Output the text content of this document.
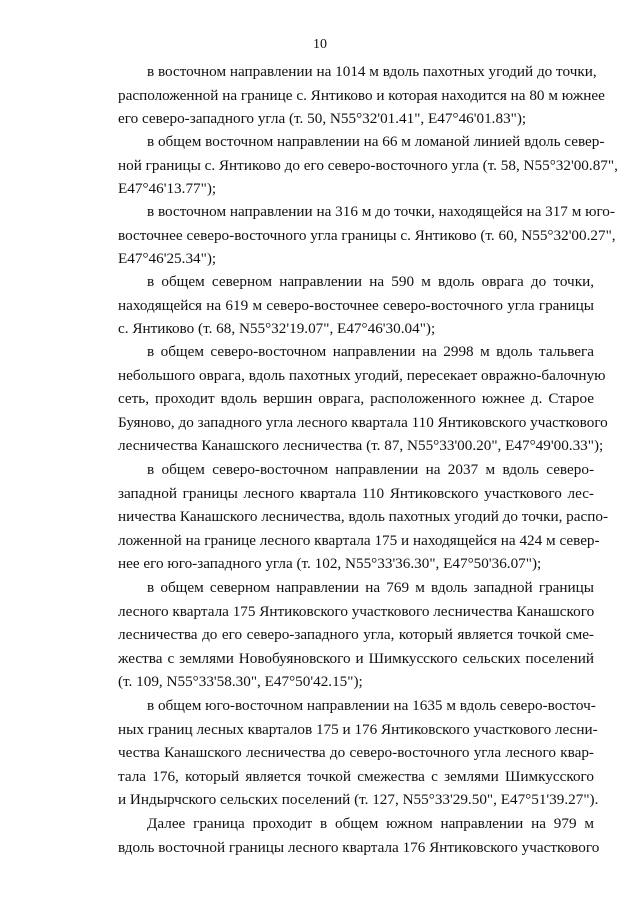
10
в восточном направлении на 1014 м вдоль пахотных угодий до точки,
расположенной на границе с. Янтиково и которая находится на 80 м южнее
его северо-западного угла (т. 50, N55°32'01.41", E47°46'01.83");
в общем восточном направлении на 66 м ломаной линией вдоль север-
ной границы с. Янтиково до его северо-восточного угла (т. 58, N55°32'00.87",
E47°46'13.77");
в восточном направлении на 316 м до точки, находящейся на 317 м юго-
восточнее северо-восточного угла границы с. Янтиково (т. 60, N55°32'00.27",
E47°46'25.34");
в общем северном направлении на 590 м вдоль оврага до точки,
находящейся на 619 м северо-восточнее северо-восточного угла границы
с. Янтиково (т. 68, N55°32'19.07", E47°46'30.04");
в общем северо-восточном направлении на 2998 м вдоль тальвега
небольшого оврага, вдоль пахотных угодий, пересекает овражно-балочную
сеть, проходит вдоль вершин оврага, расположенного южнее д. Старое
Буяново, до западного угла лесного квартала 110 Янтиковского участкового
лесничества Канашского лесничества (т. 87, N55°33'00.20", E47°49'00.33");
в общем северо-восточном направлении на 2037 м вдоль северо-
западной границы лесного квартала 110 Янтиковского участкового лес-
ничества Канашского лесничества, вдоль пахотных угодий до точки, распо-
ложенной на границе лесного квартала 175 и находящейся на 424 м север-
нее его юго-западного угла (т. 102, N55°33'36.30", E47°50'36.07");
в общем северном направлении на 769 м вдоль западной границы
лесного квартала 175 Янтиковского участкового лесничества Канашского
лесничества до его северо-западного угла, который является точкой сме-
жества с землями Новобуяновского и Шимкусского сельских поселений
(т. 109, N55°33'58.30", E47°50'42.15");
в общем юго-восточном направлении на 1635 м вдоль северо-восточ-
ных границ лесных кварталов 175 и 176 Янтиковского участкового лесни-
чества Канашского лесничества до северо-восточного угла лесного квар-
тала 176, который является точкой смежества с землями Шимкусского
и Индырчского сельских поселений (т. 127, N55°33'29.50", E47°51'39.27").
Далее граница проходит в общем южном направлении на 979 м
вдоль восточной границы лесного квартала 176 Янтиковского участкового
